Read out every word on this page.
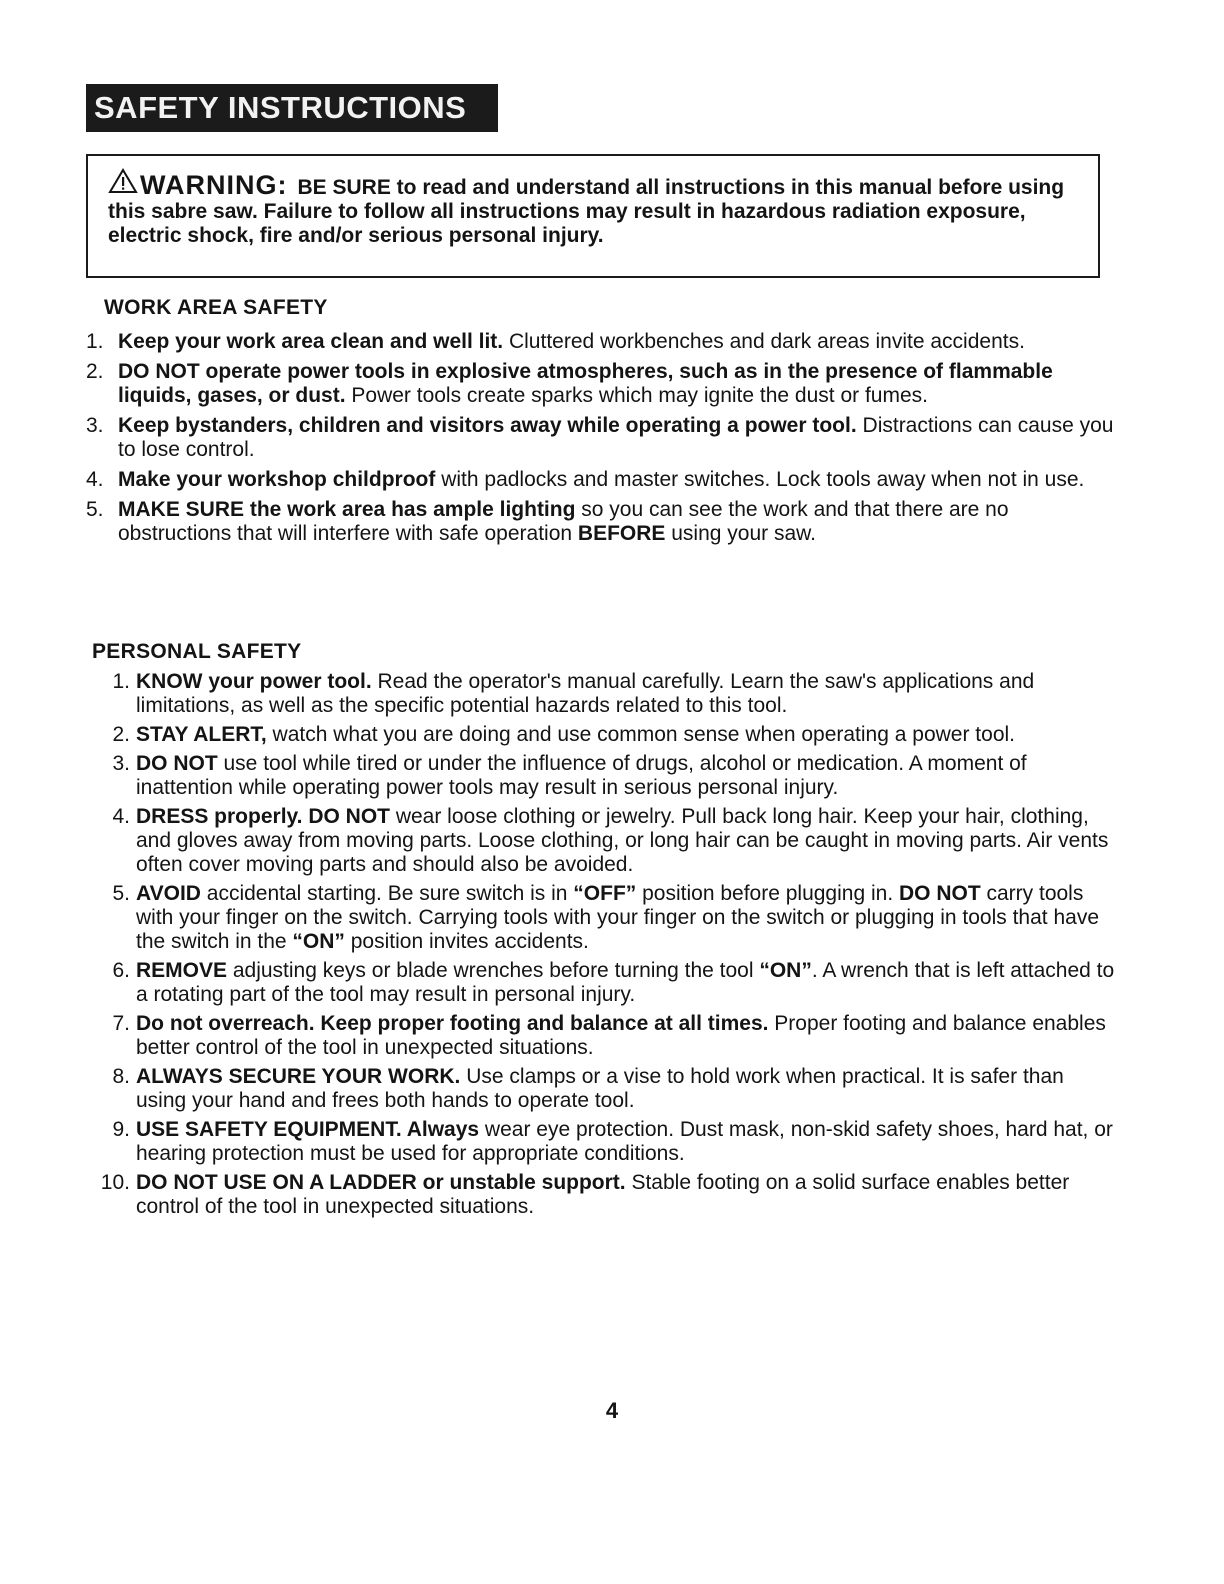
SAFETY INSTRUCTIONS
WARNING: BE SURE to read and understand all instructions in this manual before using this sabre saw. Failure to follow all instructions may result in hazardous radiation exposure, electric shock, fire and/or serious personal injury.
WORK AREA SAFETY
1. Keep your work area clean and well lit. Cluttered workbenches and dark areas invite accidents.
2. DO NOT operate power tools in explosive atmospheres, such as in the presence of flammable liquids, gases, or dust. Power tools create sparks which may ignite the dust or fumes.
3. Keep bystanders, children and visitors away while operating a power tool. Distractions can cause you to lose control.
4. Make your workshop childproof with padlocks and master switches. Lock tools away when not in use.
5. MAKE SURE the work area has ample lighting so you can see the work and that there are no obstructions that will interfere with safe operation BEFORE using your saw.
PERSONAL SAFETY
1. KNOW your power tool. Read the operator's manual carefully. Learn the saw's applications and limitations, as well as the specific potential hazards related to this tool.
2. STAY ALERT, watch what you are doing and use common sense when operating a power tool.
3. DO NOT use tool while tired or under the influence of drugs, alcohol or medication. A moment of inattention while operating power tools may result in serious personal injury.
4. DRESS properly. DO NOT wear loose clothing or jewelry. Pull back long hair. Keep your hair, clothing, and gloves away from moving parts. Loose clothing, or long hair can be caught in moving parts. Air vents often cover moving parts and should also be avoided.
5. AVOID accidental starting. Be sure switch is in “OFF” position before plugging in. DO NOT carry tools with your finger on the switch. Carrying tools with your finger on the switch or plugging in tools that have the switch in the “ON” position invites accidents.
6. REMOVE adjusting keys or blade wrenches before turning the tool “ON”. A wrench that is left attached to a rotating part of the tool may result in personal injury.
7. Do not overreach. Keep proper footing and balance at all times. Proper footing and balance enables better control of the tool in unexpected situations.
8. ALWAYS SECURE YOUR WORK. Use clamps or a vise to hold work when practical. It is safer than using your hand and frees both hands to operate tool.
9. USE SAFETY EQUIPMENT. Always wear eye protection. Dust mask, non-skid safety shoes, hard hat, or hearing protection must be used for appropriate conditions.
10. DO NOT USE ON A LADDER or unstable support. Stable footing on a solid surface enables better control of the tool in unexpected situations.
4
